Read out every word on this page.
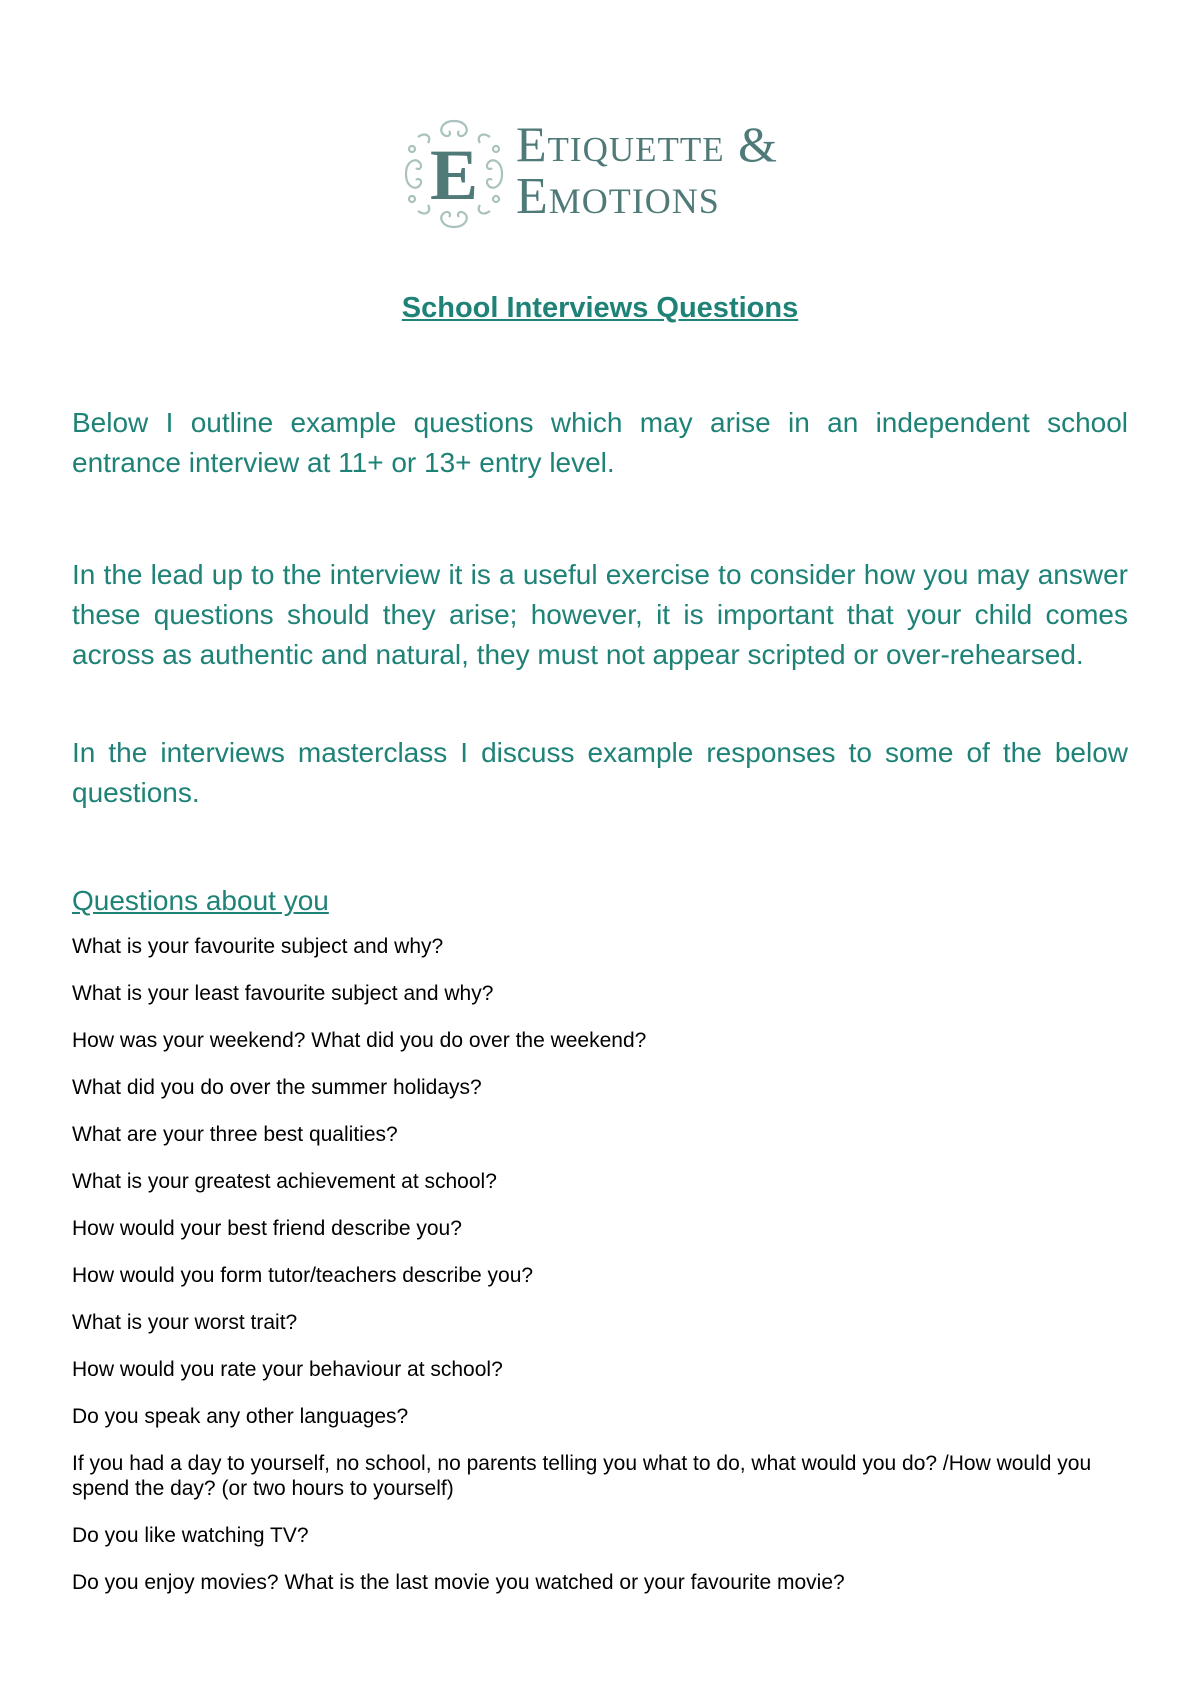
E Etiquette &
Emotions
School Interviews Questions
Below I outline example questions which may arise in an independent school entrance interview at 11+ or 13+ entry level.
In the lead up to the interview it is a useful exercise to consider how you may answer these questions should they arise; however, it is important that your child comes across as authentic and natural, they must not appear scripted or over-rehearsed.
In the interviews masterclass I discuss example responses to some of the below questions.
Questions about you
What is your favourite subject and why?
What is your least favourite subject and why?
How was your weekend? What did you do over the weekend?
What did you do over the summer holidays?
What are your three best qualities?
What is your greatest achievement at school?
How would your best friend describe you?
How would you form tutor/teachers describe you?
What is your worst trait?
How would you rate your behaviour at school?
Do you speak any other languages?
If you had a day to yourself, no school, no parents telling you what to do, what would you do? /How would you spend the day? (or two hours to yourself)
Do you like watching TV?
Do you enjoy movies? What is the last movie you watched or your favourite movie?
